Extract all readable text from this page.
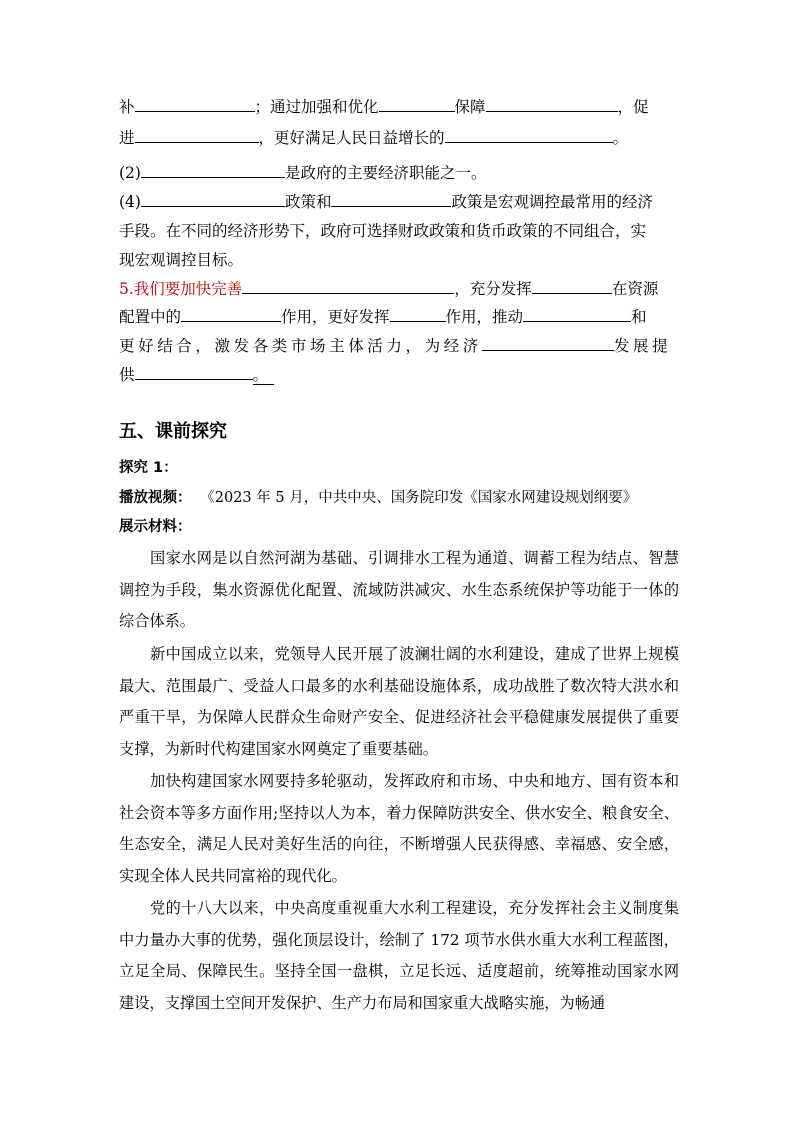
补	；通过加强和优化	保障	，促
进	，更好满足人民日益增长的	。
(2)	是政府的主要经济职能之一。
(4)	政策和	政策是宏观调控最常用的经济
手段。在不同的经济形势下，政府可选择财政政策和货币政策的不同组合，实
现宏观调控目标。
5.我们要加快完善	，充分发挥	在资源
配置中的	作用，更好发挥	作用，推动	和
更好结合，激发各类市场主体活力，为经济	发展提
供	。
五、课前探究
探究 1：
播放视频： 《2023 年 5 月，中共中央、国务院印发《国家水网建设规划纲要》
展示材料：
国家水网是以自然河湖为基础、引调排水工程为通道、调蓄工程为结点、智慧调控为手段，集水资源优化配置、流域防洪减灾、水生态系统保护等功能于一体的综合体系。
新中国成立以来，党领导人民开展了波澜壮阔的水利建设，建成了世界上规模最大、范围最广、受益人口最多的水利基础设施体系，成功战胜了数次特大洪水和严重干旱，为保障人民群众生命财产安全、促进经济社会平稳健康发展提供了重要支撑，为新时代构建国家水网奠定了重要基础。
加快构建国家水网要持多轮驱动，发挥政府和市场、中央和地方、国有资本和社会资本等多方面作用;坚持以人为本，着力保障防洪安全、供水安全、粮食安全、生态安全，满足人民对美好生活的向往，不断增强人民获得感、幸福感、安全感，实现全体人民共同富裕的现代化。
党的十八大以来，中央高度重视重大水利工程建设，充分发挥社会主义制度集中力量办大事的优势，强化顶层设计，绘制了 172 项节水供水重大水利工程蓝图，立足全局、保障民生。坚持全国一盘棋，立足长远、适度超前，统筹推动国家水网建设，支撑国土空间开发保护、生产力布局和国家重大战略实施，为畅通
